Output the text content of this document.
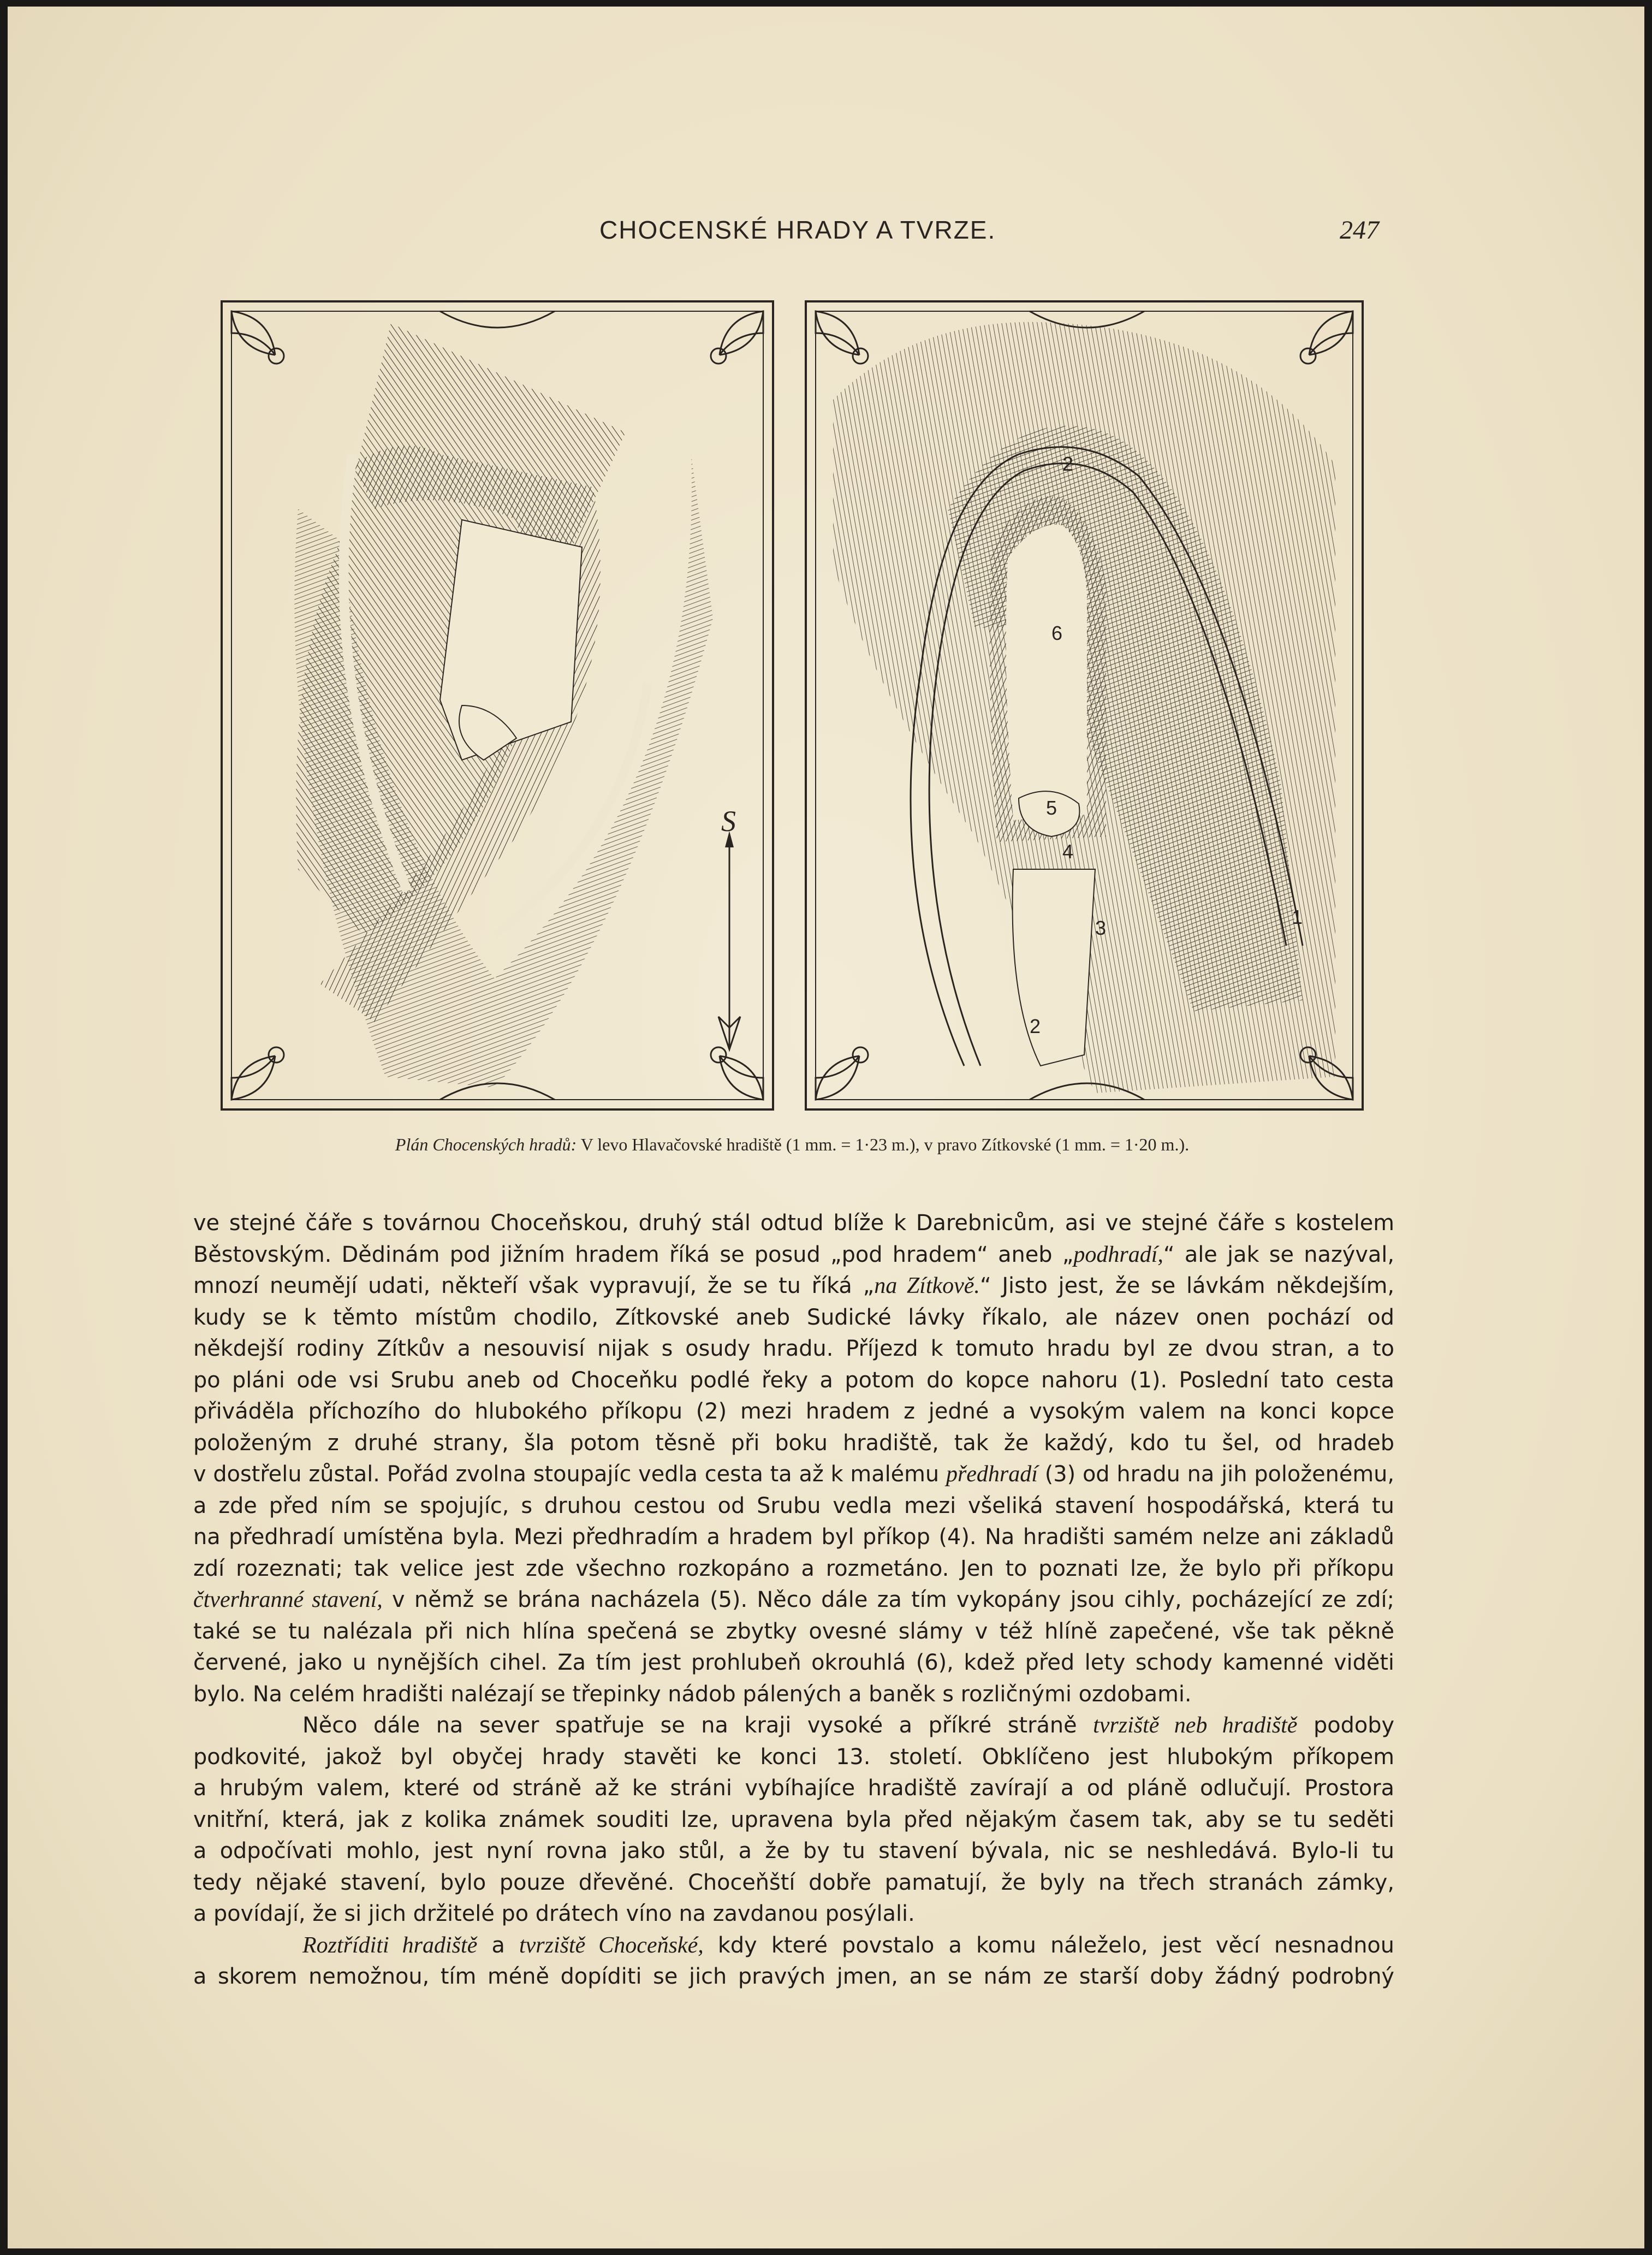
CHOCENSKÉ HRADY A TVRZE.	247
S
1
2
2
3
4
5
6
Plán Chocenských hradů: V levo Hlavačovské hradiště (1 mm. = 1·23 m.), v pravo Zítkovské (1 mm. = 1·20 m.).
ve stejné čáře s továrnou Choceňskou, druhý stál odtud blíže k Darebnicům, asi ve stejné čáře s kostelem
Běstovským. Dědinám pod jižním hradem říká se posud „pod hradem“ aneb „podhradí,“ ale jak se nazýval,
mnozí neumějí udati, někteří však vypravují, že se tu říká „na Zítkově.“ Jisto jest, že se lávkám někdejším,
kudy se k těmto místům chodilo, Zítkovské aneb Sudické lávky říkalo, ale název onen pochází od
někdejší rodiny Zítkův a nesouvisí nijak s osudy hradu. Příjezd k tomuto hradu byl ze dvou stran, a to
po pláni ode vsi Srubu aneb od Choceňku podlé řeky a potom do kopce nahoru (1). Poslední tato cesta
přiváděla příchozího do hlubokého příkopu (2) mezi hradem z jedné a vysokým valem na konci kopce
položeným z druhé strany, šla potom těsně při boku hradiště, tak že každý, kdo tu šel, od hradeb
v dostřelu zůstal. Pořád zvolna stoupajíc vedla cesta ta až k malému předhradí (3) od hradu na jih položenému,
a zde před ním se spojujíc, s druhou cestou od Srubu vedla mezi všeliká stavení hospodářská, která tu
na předhradí umístěna byla. Mezi předhradím a hradem byl příkop (4). Na hradišti samém nelze ani základů
zdí rozeznati; tak velice jest zde všechno rozkopáno a rozmetáno. Jen to poznati lze, že bylo při příkopu
čtverhranné stavení, v němž se brána nacházela (5). Něco dále za tím vykopány jsou cihly, pocházející ze zdí;
také se tu nalézala při nich hlína spečená se zbytky ovesné slámy v též hlíně zapečené, vše tak pěkně
červené, jako u nynějších cihel. Za tím jest prohlubeň okrouhlá (6), kdež před lety schody kamenné viděti
bylo. Na celém hradišti nalézají se třepinky nádob pálených a baněk s rozličnými ozdobami.
Něco dále na sever spatřuje se na kraji vysoké a příkré stráně tvrziště neb hradiště podoby
podkovité, jakož byl obyčej hrady stavěti ke konci 13. století. Obklíčeno jest hlubokým příkopem
a hrubým valem, které od stráně až ke stráni vybíhajíce hradiště zavírají a od pláně odlučují. Prostora
vnitřní, která, jak z kolika známek souditi lze, upravena byla před nějakým časem tak, aby se tu seděti
a odpočívati mohlo, jest nyní rovna jako stůl, a že by tu stavení bývala, nic se neshledává. Bylo-li tu
tedy nějaké stavení, bylo pouze dřevěné. Choceňští dobře pamatují, že byly na třech stranách zámky,
a povídají, že si jich držitelé po drátech víno na zavdanou posýlali.
Roztříditi hradiště a tvrziště Choceňské, kdy které povstalo a komu náleželo, jest věcí nesnadnou
a skorem nemožnou, tím méně dopíditi se jich pravých jmen, an se nám ze starší doby žádný podrobný
